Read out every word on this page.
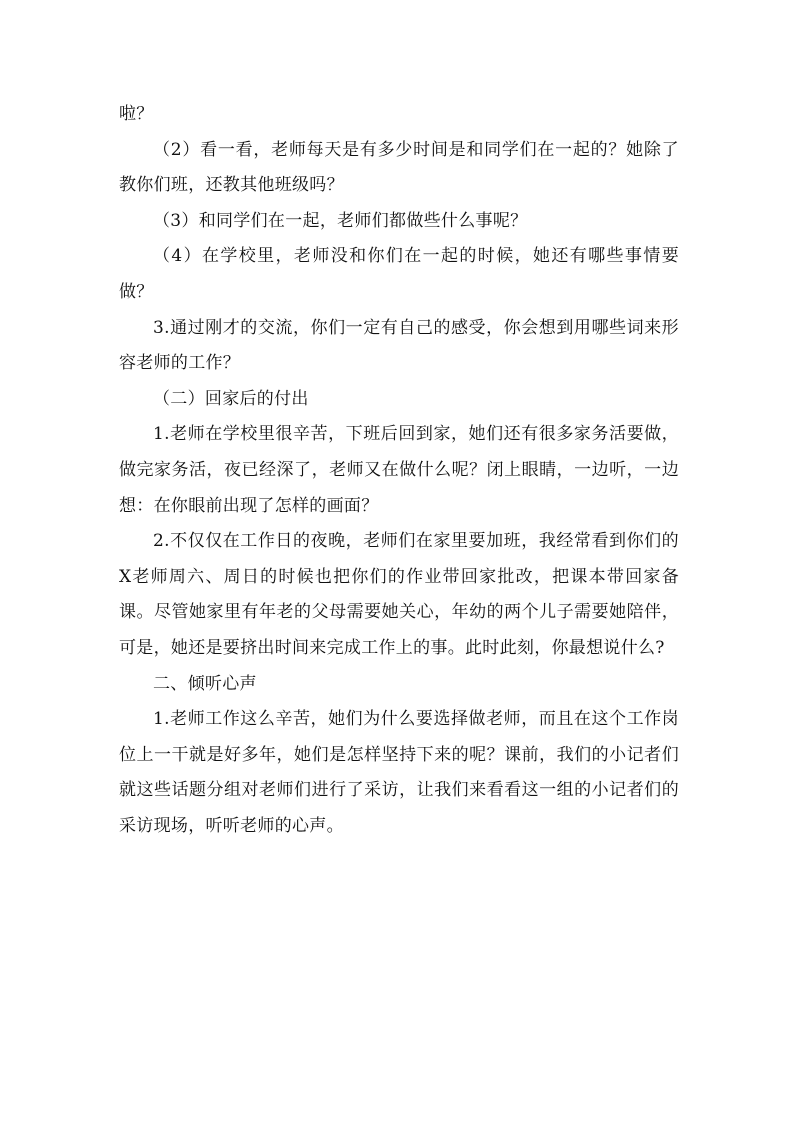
啦？

（2）看一看，老师每天是有多少时间是和同学们在一起的？她除了教你们班，还教其他班级吗？

（3）和同学们在一起，老师们都做些什么事呢？

（4）在学校里，老师没和你们在一起的时候，她还有哪些事情要做？

3.通过刚才的交流，你们一定有自己的感受，你会想到用哪些词来形容老师的工作？

（二）回家后的付出

1.老师在学校里很辛苦，下班后回到家，她们还有很多家务活要做，做完家务活，夜已经深了，老师又在做什么呢？闭上眼睛，一边听，一边想：在你眼前出现了怎样的画面？

2.不仅仅在工作日的夜晚，老师们在家里要加班，我经常看到你们的X老师周六、周日的时候也把你们的作业带回家批改，把课本带回家备课。尽管她家里有年老的父母需要她关心，年幼的两个儿子需要她陪伴，可是，她还是要挤出时间来完成工作上的事。此时此刻，你最想说什么?

二、倾听心声

1.老师工作这么辛苦，她们为什么要选择做老师，而且在这个工作岗位上一干就是好多年，她们是怎样坚持下来的呢？课前，我们的小记者们就这些话题分组对老师们进行了采访，让我们来看看这一组的小记者们的采访现场，听听老师的心声。
